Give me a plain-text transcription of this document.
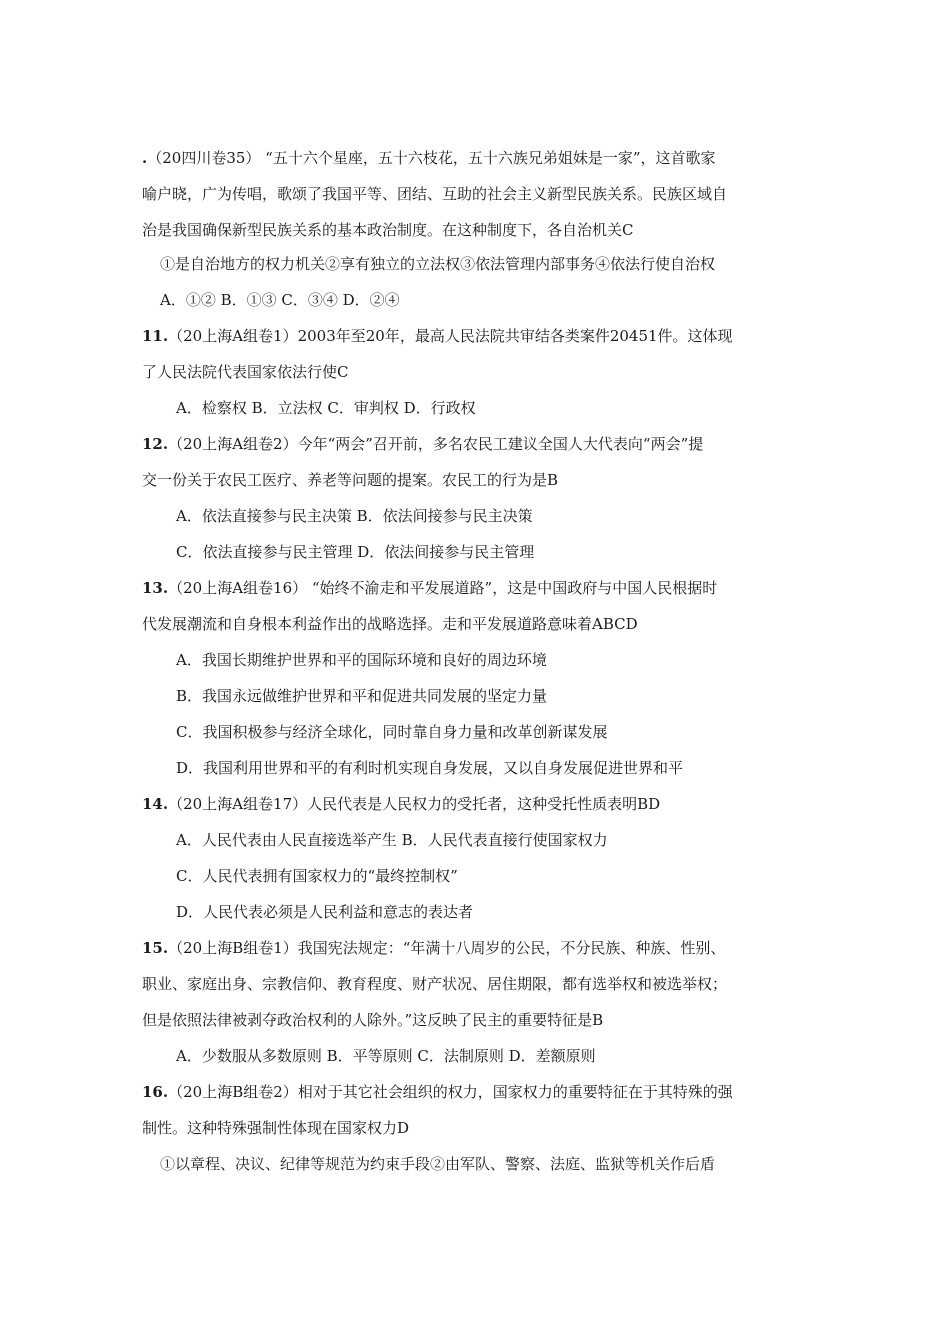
.（20四川卷35） “五十六个星座，五十六枝花，五十六族兄弟姐妹是一家”，这首歌家
喻户晓，广为传唱，歌颂了我国平等、团结、互助的社会主义新型民族关系。民族区域自
治是我国确保新型民族关系的基本政治制度。在这种制度下，各自治机关C
①是自治地方的权力机关②享有独立的立法权③依法管理内部事务④依法行使自治权
A．①② B．①③ C．③④ D．②④
11.（20上海A组卷1）2003年至20年，最高人民法院共审结各类案件20451件。这体现
了人民法院代表国家依法行使C
A．检察权 B．立法权 C．审判权 D．行政权
12.（20上海A组卷2）今年“两会”召开前，多名农民工建议全国人大代表向“两会”提
交一份关于农民工医疗、养老等问题的提案。农民工的行为是B
A．依法直接参与民主决策 B．依法间接参与民主决策
C．依法直接参与民主管理 D．依法间接参与民主管理
13.（20上海A组卷16） “始终不渝走和平发展道路”，这是中国政府与中国人民根据时
代发展潮流和自身根本利益作出的战略选择。走和平发展道路意味着ABCD
A．我国长期维护世界和平的国际环境和良好的周边环境
B．我国永远做维护世界和平和促进共同发展的坚定力量
C．我国积极参与经济全球化，同时靠自身力量和改革创新谋发展
D．我国利用世界和平的有利时机实现自身发展，又以自身发展促进世界和平
14.（20上海A组卷17）人民代表是人民权力的受托者，这种受托性质表明BD
A．人民代表由人民直接选举产生 B．人民代表直接行使国家权力
C．人民代表拥有国家权力的“最终控制权”
D．人民代表必须是人民利益和意志的表达者
15.（20上海B组卷1）我国宪法规定：“年满十八周岁的公民，不分民族、种族、性别、
职业、家庭出身、宗教信仰、教育程度、财产状况、居住期限，都有选举权和被选举权；
但是依照法律被剥夺政治权利的人除外。”这反映了民主的重要特征是B
A．少数服从多数原则 B．平等原则 C．法制原则 D．差额原则
16.（20上海B组卷2）相对于其它社会组织的权力，国家权力的重要特征在于其特殊的强
制性。这种特殊强制性体现在国家权力D
①以章程、决议、纪律等规范为约束手段②由军队、警察、法庭、监狱等机关作后盾
